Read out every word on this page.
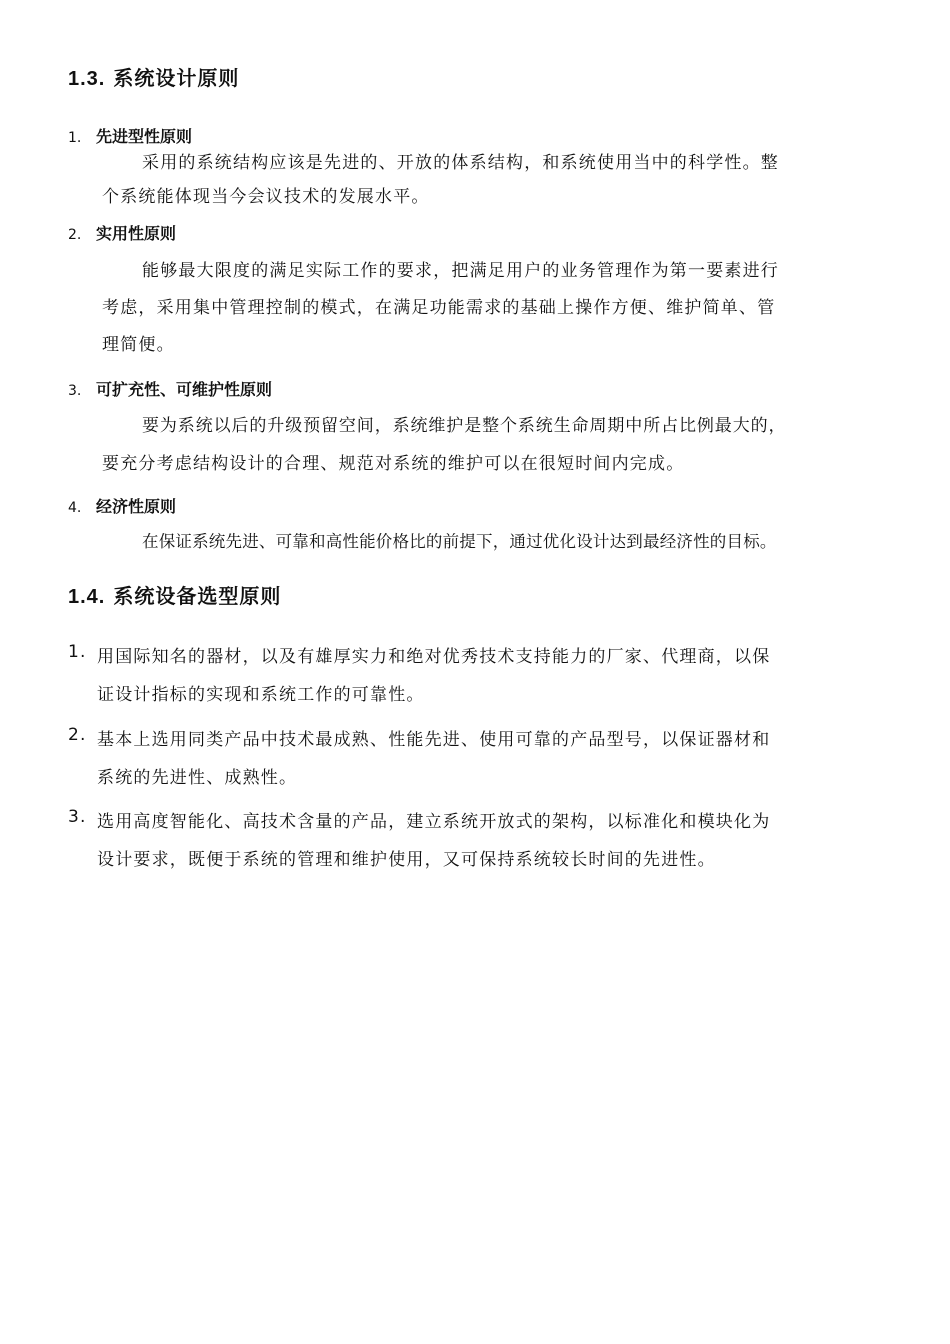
1.3. 系统设计原则
1. 先进型性原则
采用的系统结构应该是先进的、开放的体系结构，和系统使用当中的科学性。整
个系统能体现当今会议技术的发展水平。
2. 实用性原则
能够最大限度的满足实际工作的要求，把满足用户的业务管理作为第一要素进行
考虑，采用集中管理控制的模式，在满足功能需求的基础上操作方便、维护简单、管
理简便。
3. 可扩充性、可维护性原则
要为系统以后的升级预留空间，系统维护是整个系统生命周期中所占比例最大的，
要充分考虑结构设计的合理、规范对系统的维护可以在很短时间内完成。
4. 经济性原则
在保证系统先进、可靠和高性能价格比的前提下，通过优化设计达到最经济性的目标。
1.4. 系统设备选型原则
1. 用国际知名的器材，以及有雄厚实力和绝对优秀技术支持能力的厂家、代理商，以保
证设计指标的实现和系统工作的可靠性。
2. 基本上选用同类产品中技术最成熟、性能先进、使用可靠的产品型号，以保证器材和
系统的先进性、成熟性。
3. 选用高度智能化、高技术含量的产品，建立系统开放式的架构，以标准化和模块化为
设计要求，既便于系统的管理和维护使用，又可保持系统较长时间的先进性。
